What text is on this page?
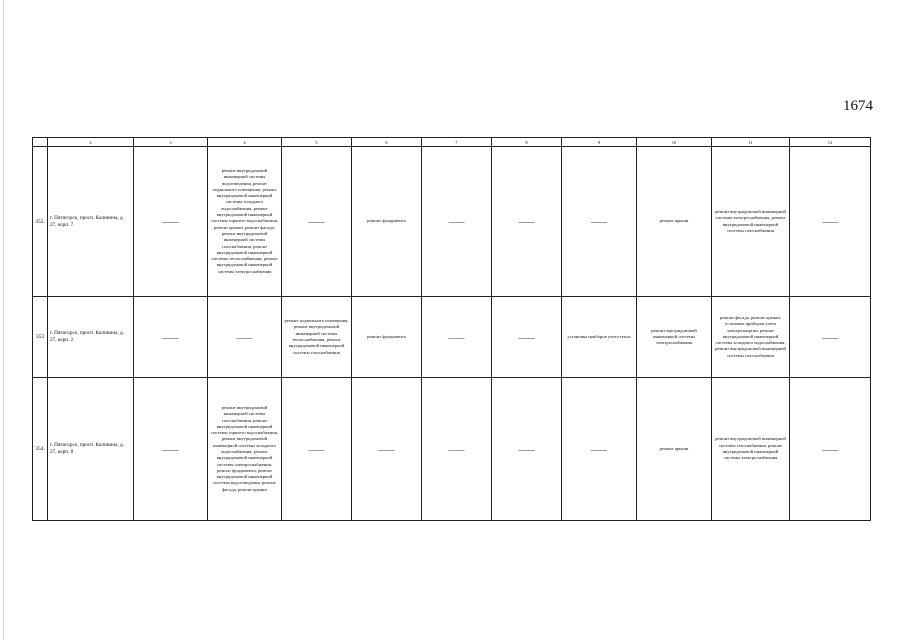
1674
	2	3	4	5	6	7	8	9	10	11	12
352.	г. Пятигорск, просп. Калинина, д. 27, корп. 7	——	ремонт внутридомовой инженерной системы водоотведения, ремонт подвального помещения, ремонт внутридомовой инженерной системы холодного водоснабжения, ремонт внутридомовой инженерной системы горячего водоснабжения, ремонт крыши, ремонт фасада, ремонт внутридомовой инженерной системы газоснабжения, ремонт внутридомовой инженерной системы теплоснабжения, ремонт внутридомовой инженерной системы электроснабжения	——	ремонт фундамента	——	——	——	ремонт крыши	ремонт внутридомовой инженерной системы электроснабжения, ремонт внутридомовой инженерной системы газоснабжения	——
353	г. Пятигорск, просп. Калинина, д. 27, корп. 2	——	——	ремонт подвального помещения, ремонт внутридомовой инженерной системы теплоснабжения, ремонт внутридомовой инженерной системы газоснабжения	ремонт фундамента	——	——	установка приборов учета тепла	ремонт внутридомовой инженерной системы электроснабжения	ремонт фасада, ремонт крыши, установка приборов учета электроэнергии, ремонт внутридомовой инженерной системы холодного водоснабжения, ремонт внутридомовой инженерной системы газоснабжения	——
354.	г. Пятигорск, просп. Калинина, д. 27, корп. 8	——	ремонт внутридомовой инженерной системы газоснабжения, ремонт внутридомовой инженерной системы горячего водоснабжения, ремонт внутридомовой инженерной системы холодного водоснабжения, ремонт внутридомовой инженерной системы электроснабжения, ремонт фундамента, ремонт внутридомовой инженерной системы водоотведения, ремонт фасада, ремонт крыши	——	——	——	——	——	ремонт крыши	ремонт внутридомовой инженерной системы газоснабжения, ремонт внутридомовой инженерной системы электроснабжения	——
